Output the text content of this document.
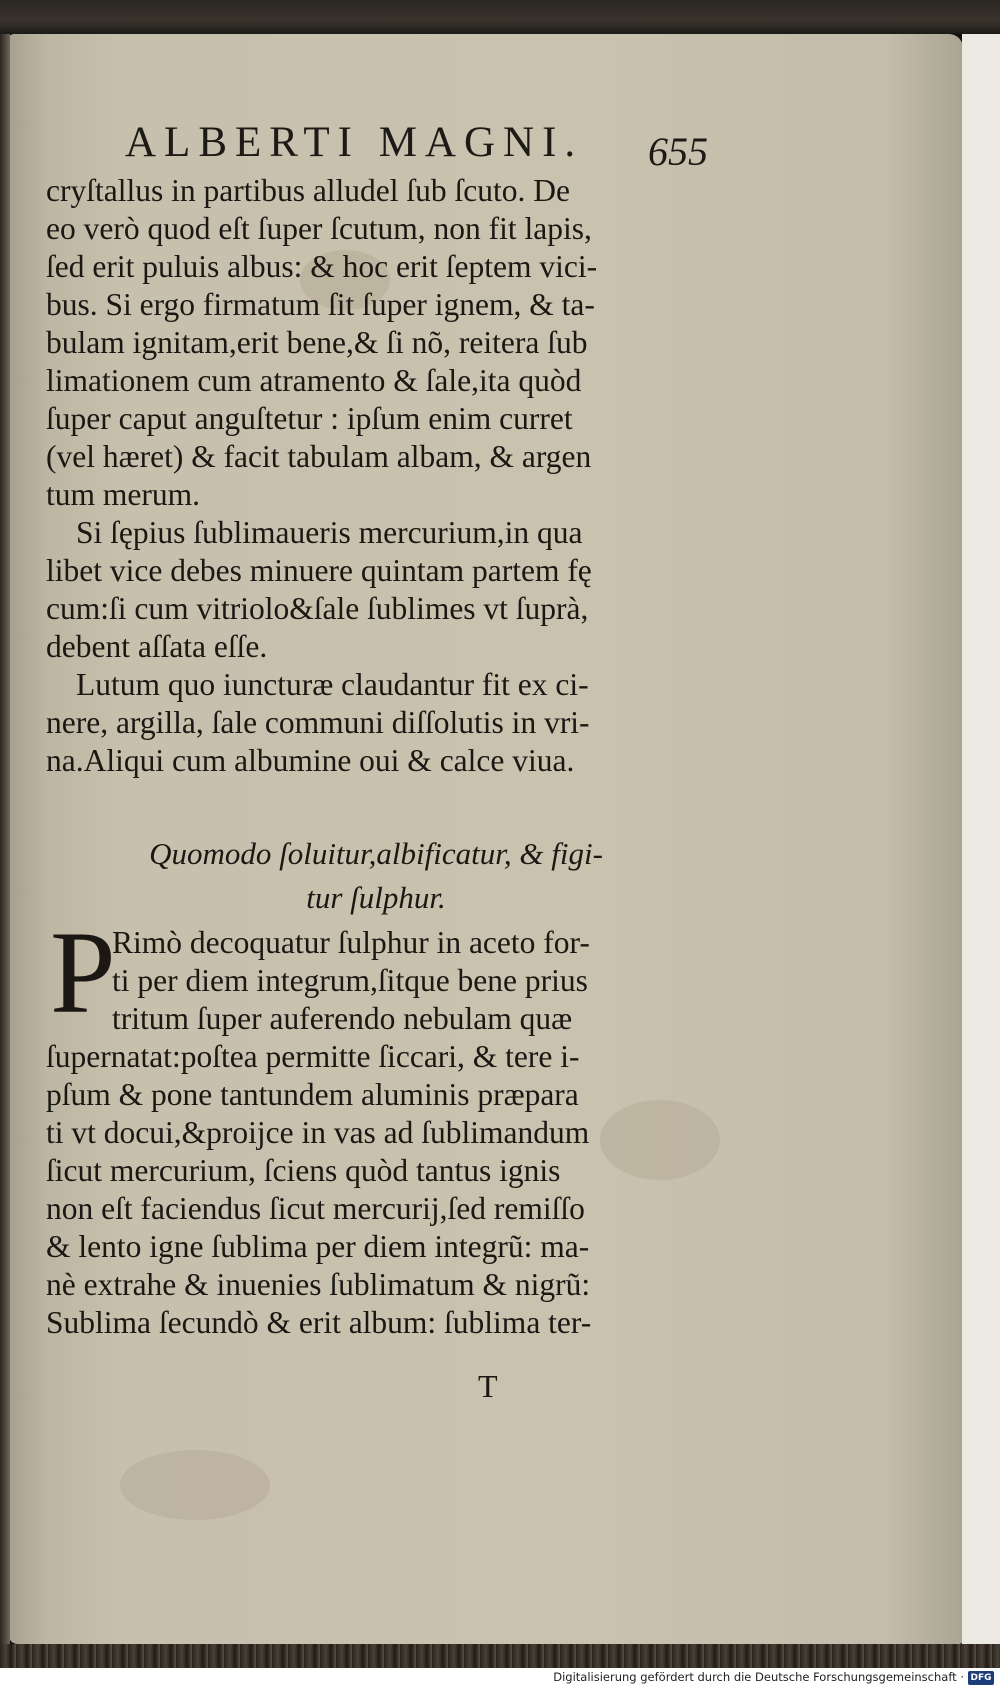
ALBERTI MAGNI. 655
cryſtallus in partibus alludel ſub ſcuto. De
eo verò quod eſt ſuper ſcutum, non fit lapis,
ſed erit puluis albus: & hoc erit ſeptem vici-
bus. Si ergo firmatum ſit ſuper ignem, & ta-
bulam ignitam,erit bene,& ſi nõ, reitera ſub
limationem cum atramento & ſale,ita quòd
ſuper caput anguſtetur : ipſum enim curret
(vel hæret) & facit tabulam albam, & argen
tum merum.
Si ſępius ſublimaueris mercurium,in qua
libet vice debes minuere quintam partem fę
cum:ſi cum vitriolo&ſale ſublimes vt ſuprà,
debent aſſata eſſe.
Lutum quo iuncturæ claudantur fit ex ci-
nere, argilla, ſale communi diſſolutis in vri-
na.Aliqui cum albumine oui & calce viua.
Quomodo ſoluitur,albificatur, & figi-
tur ſulphur.
P
Rimò decoquatur ſulphur in aceto for-
ti per diem integrum,ſitque bene prius
tritum ſuper auferendo nebulam quæ
ſupernatat:poſtea permitte ſiccari, & tere i-
pſum & pone tantundem aluminis præpara
ti vt docui,&proijce in vas ad ſublimandum
ſicut mercurium, ſciens quòd tantus ignis
non eſt faciendus ſicut mercurij,ſed remiſſo
& lento igne ſublima per diem integrũ: ma-
nè extrahe & inuenies ſublimatum & nigrũ:
Sublima ſecundò & erit album: ſublima ter-
T
Digitalisierung gefördert durch die Deutsche Forschungsgemeinschaft · DFG
